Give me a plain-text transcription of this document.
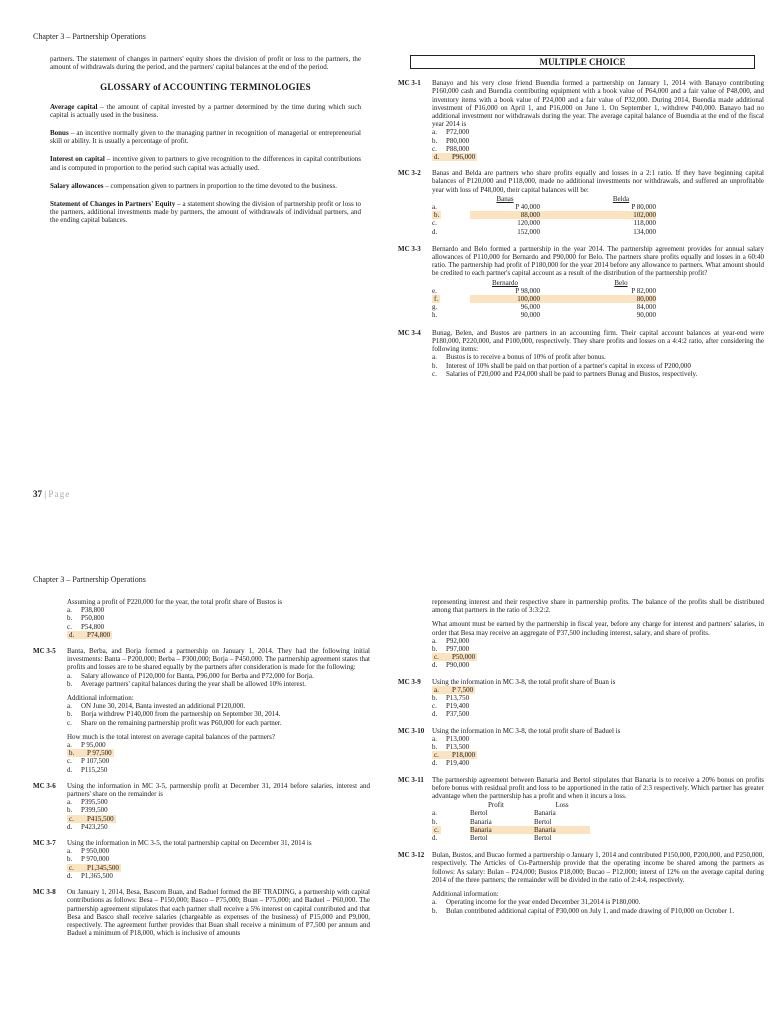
Chapter 3 – Partnership Operations

partners. The statement of changes in partners' equity shoes the division of profit or loss to the partners, the amount of withdrawals during the period, and the partners' capital balances at the end of the period.

GLOSSARY of ACCOUNTING TERMINOLOGIES
Average capital – the amount of capital invested by a partner determined by the time during which such capital is actually used in the business.
Bonus – an incentive normally given to the managing partner in recognition of managerial or entrepreneurial skill or ability. It is usually a percentage of profit.
Interest on capital – incentive given to partners to give recognition to the differences in capital contributions and is computed in proportion to the period such capital was actually used.
Salary allowances – compensation given to partners in proportion to the time devoted to the business.
Statement of Changes in Partners' Equity – a statement showing the division of partnership profit or loss to the partners, additional investments made by partners, the amount of withdrawals of individual partners, and the ending capital balances.
MULTIPLE CHOICE
MC 3-1	Banayo and his very close friend Buendia formed a partnership on January 1, 2014 with Banayo contributing P160,000 cash and Buendia contributing equipment with a book value of P64,000 and a fair value of P48,000, and inventory items with a book value of P24,000 and a fair value of P32,000. During 2014, Buendia made additional investment of P16,000 on April 1, and P16,000 on June 1. On September 1, withdrew P40,000. Banayo had no additional investment nor withdrawals during the year. The average capital balance of Buendia at the end of the fiscal year 2014 is

a.	P72,000
b.	P80,000
c.	P88,000
d.	P96,000
MC 3-2	Banas and Belda are partners who share profits equally and losses in a 2:1 ratio. If they have beginning capital balances of P120,000 and P118,000, made no additional investments nor withdrawals, and suffered an unprofitable year with loss of P48,000, their capital balances will be:

	Banas		Belda
a.	P 40,000		P 80,000
b.	88,000		102,000
c.	120,000		118,000
d.	152,000		134,000
MC 3-3	Bernardo and Belo formed a partnership in the year 2014. The partnership agreement provides for annual salary allowances of P110,000 for Bernardo and P90,000 for Belo. The partners share profits equally and losses in a 60:40 ratio. The partnership had profit of P180,000 for the year 2014 before any allowance to partners. What amount should be credited to each partner's capital account as a result of the distribution of the partnership profit?

	Bernardo		Belo
e.	P 98,000		P 82,000
f.	100,000		80,000
g.	96,000		84,000
h.	90,000		90,000
MC 3-4	Bunag, Belen, and Bustos are partners in an accounting firm. Their capital account balances at year-end were P180,000, P220,000, and P100,000, respectively. They share profits and losses on a 4:4:2 ratio, after considering the following items:

a.	Bustos is to receive a bonus of 10% of profit after bonus.
b.	Interest of 10% shall be paid on that portion of a partner's capital in excess of P200,000
c.	Salaries of P20,000 and P24,000 shall be paid to partners Bunag and Bustos, respectively.
37 | Page
Chapter 3 – Partnership Operations

Assuming a profit of P220,000 for the year, the total profit share of Bustos is

a.	P38,800
b.	P50,800
c.	P54,800
d.	P74,800
MC 3-5	Banta, Berba, and Borja formed a partnership on January 1, 2014. They had the following initial investments: Banta – P200,000; Berba – P300,000; Borja – P450,000. The partnership agreement states that profits and losses are to be shared equally by the partners after consideration is made for the following:

a.	Salary allowance of P120,000 for Banta, P96,000 for Berba and P72,000 for Borja.
b.	Average partners' capital balances during the year shall be allowed 10% interest.

Additional information:

a.	ON June 30, 2014, Banta invested an additional P120,000.
b.	Borja withdrew P140,000 from the partnership on September 30, 2014.
c.	Share on the remaining partnership profit was P60,000 for each partner.

How much is the total interest on average capital balances of the partners?

a.	P 95,000
b.	P 97,500
c.	P 107,500
d.	P115,250
MC 3-6	Using the information in MC 3-5, partnership profit at December 31, 2014 before salaries, interest and partners' share on the remainder is

a.	P395,500
b.	P399,500
c.	P415,500
d.	P423,250
MC 3-7	Using the information in MC 3-5, the total partnership capital on December 31, 2014 is

a.	P 950,000
b.	P 970,000
c.	P1,345,500
d.	P1,365,500
MC 3-8	On January 1, 2014, Besa, Bascom Buan, and Baduel formed the BF TRADING, a partnership with capital contributions as follows: Besa – P150,000; Basco – P75,000; Buan – P75,000; and Baduel – P60,000. The partnership agreement stipulates that each partner shall receive a 5% interest on capital contributed and that Besa and Basco shall receive salaries (chargeable as expenses of the business) of P15,000 and P9,000, respectively. The agreement further provides that Buan shall receive a minimum of P7,500 per annum and Baduel a minimum of P18,000, which is inclusive of amounts

representing interest and their respective share in partnership profits. The balance of the profits shall be distributed among that partners in the ratio of 3:3:2:2.

What amount must be earned by the partnership in fiscal year, before any charge for interest and partners' salaries, in order that Besa may receive an aggregate of P37,500 including interest, salary, and share of profits.

a.	P92,000
b.	P97,000
c.	P50,000
d.	P90,000
MC 3-9	Using the information in MC 3-8, the total profit share of Buan is

a.	P 7,500
b.	P13,750
c.	P19,400
d.	P37,500
MC 3-10	Using the information in MC 3-8, the total profit share of Baduel is

a.	P13,000
b.	P13,500
c.	P18,000
d.	P19,400
MC 3-11	The partnership agreement between Banaria and Bertol stipulates that Banaria is to receive a 20% bonus on profits before bonus with residual profit and loss to be apportioned in the ratio of 2:3 respectively. Which partner has greater advantage when the partnership has a profit and when it incurs a loss.

	Profit		Loss
a.	Bertol		Banaria
b.	Banaria		Bertol
c.	Banaria		Banaria
d.	Bertol		Bertol
MC 3-12	Bulan, Bustos, and Bucao formed a partnership o January 1, 2014 and contributed P150,000, P200,000, and P250,000, respectively. The Articles of Co-Partnership provide that the operating income be shared among the partners as follows: As salary: Bulan – P24,000; Bustos P18,000; Bucao – P12,000; interst of 12% on the average capital during 2014 of the three partners; the remainder will be divided in the ratio of 2:4:4, respectively.

Additional information:

a.	Operating income for the year ended December 31,2014 is P180,000.
b.	Bulan contributed additional capital of P30,000 on July 1, and made drawing of P10,000 on October 1.
